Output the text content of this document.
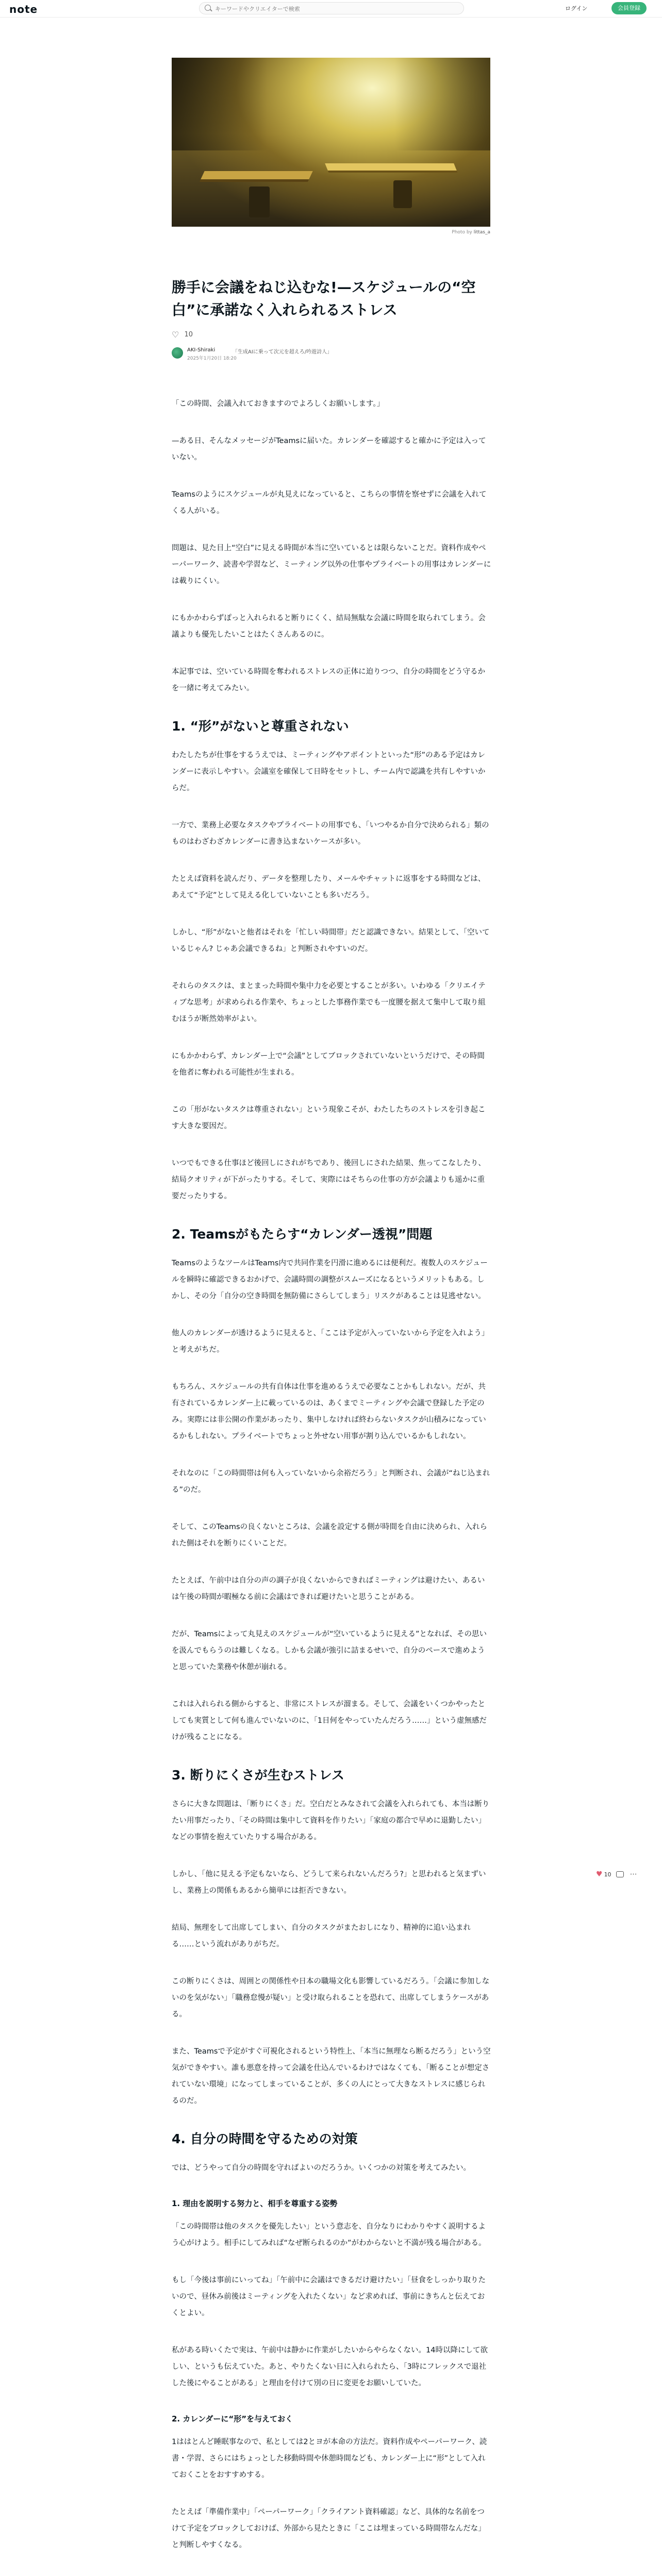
note
キーワードやクリエイターで検索	ログイン	会員登録
Photo by littas_a
勝手に会議をねじ込むな!—スケジュールの“空白”に承諾なく入れられるストレス
♡ 10
AKI-Shiraki	「生成AIに乗って次元を超えろ/吟遊詩人」
2025年1月20日 18:20

「この時間、会議入れておきますのでよろしくお願いします。」

—ある日、そんなメッセージがTeamsに届いた。カレンダーを確認すると確かに予定は入っていない。

Teamsのようにスケジュールが丸見えになっていると、こちらの事情を察せずに会議を入れてくる人がいる。

問題は、見た目上“空白”に見える時間が本当に空いているとは限らないことだ。資料作成やペーパーワーク、読書や学習など、ミーティング以外の仕事やプライベートの用事はカレンダーには載りにくい。

にもかかわらずぽっと入れられると断りにくく、結局無駄な会議に時間を取られてしまう。会議よりも優先したいことはたくさんあるのに。

本記事では、空いている時間を奪われるストレスの正体に迫りつつ、自分の時間をどう守るかを一緒に考えてみたい。

1. “形”がないと尊重されない

わたしたちが仕事をするうえでは、ミーティングやアポイントといった“形”のある予定はカレンダーに表示しやすい。会議室を確保して日時をセットし、チーム内で認識を共有しやすいからだ。

一方で、業務上必要なタスクやプライベートの用事でも、「いつやるか自分で決められる」類のものはわざわざカレンダーに書き込まないケースが多い。

たとえば資料を読んだり、データを整理したり、メールやチャットに返事をする時間などは、あえて“予定”として見える化していないことも多いだろう。

しかし、“形”がないと他者はそれを「忙しい時間帯」だと認識できない。結果として、「空いているじゃん? じゃあ会議できるね」と判断されやすいのだ。

それらのタスクは、まとまった時間や集中力を必要とすることが多い。いわゆる「クリエイティブな思考」が求められる作業や、ちょっとした事務作業でも一度腰を据えて集中して取り組むほうが断然効率がよい。

にもかかわらず、カレンダー上で“会議”としてブロックされていないというだけで、その時間を他者に奪われる可能性が生まれる。

この「形がないタスクは尊重されない」という現象こそが、わたしたちのストレスを引き起こす大きな要因だ。

いつでもできる仕事ほど後回しにされがちであり、後回しにされた結果、焦ってこなしたり、結局クオリティが下がったりする。そして、実際にはそちらの仕事の方が会議よりも遥かに重要だったりする。

2. Teamsがもたらす“カレンダー透視”問題

TeamsのようなツールはTeams内で共同作業を円滑に進めるには便利だ。複数人のスケジュールを瞬時に確認できるおかげで、会議時間の調整がスムーズになるというメリットもある。しかし、その分「自分の空き時間を無防備にさらしてしまう」リスクがあることは見逃せない。

他人のカレンダーが透けるように見えると、「ここは予定が入っていないから予定を入れよう」と考えがちだ。

もちろん、スケジュールの共有自体は仕事を進めるうえで必要なことかもしれない。だが、共有されているカレンダー上に載っているのは、あくまでミーティングや会議で登録した予定のみ。実際には非公開の作業があったり、集中しなければ終わらないタスクが山積みになっているかもしれない。プライベートでちょっと外せない用事が割り込んでいるかもしれない。

それなのに「この時間帯は何も入っていないから余裕だろう」と判断され、会議が“ねじ込まれる”のだ。

そして、このTeamsの良くないところは、会議を設定する側が時間を自由に決められ、入れられた側はそれを断りにくいことだ。

たとえば、午前中は自分の声の調子が良くないからできればミーティングは避けたい、あるいは午後の時間が暇極なる前に会議はできれば避けたいと思うことがある。

だが、Teamsによって丸見えのスケジュールが“空いているように見える”となれば、その思いを汲んでもらうのは難しくなる。しかも会議が強引に詰まるせいで、自分のペースで進めようと思っていた業務や休憩が崩れる。

これは入れられる側からすると、非常にストレスが溜まる。そして、会議をいくつかやったとしても実質として何も進んでいないのに、「1日何をやっていたんだろう……」という虚無感だけが残ることになる。

3. 断りにくさが生むストレス

さらに大きな問題は、「断りにくさ」だ。空白だとみなされて会議を入れられても、本当は断りたい用事だったり、「その時間は集中して資料を作りたい」「家庭の都合で早めに退勤したい」などの事情を抱えていたりする場合がある。

しかし、「他に見える予定もないなら、どうして来られないんだろう?」と思われると気まずいし、業務上の関係もあるから簡単には拒否できない。

結局、無理をして出席してしまい、自分のタスクがまたおしになり、精神的に追い込まれる……という流れがありがちだ。

この断りにくさは、周囲との関係性や日本の職場文化も影響しているだろう。「会議に参加しないのを気がない」「職務怠慢が疑い」と受け取られることを恐れて、出席してしまうケースがある。

また、Teamsで予定がすぐ可視化されるという特性上、「本当に無理なら断るだろう」という空気ができやすい。誰も悪意を持って会議を仕込んでいるわけではなくても、「断ることが想定されていない環境」になってしまっていることが、多くの人にとって大きなストレスに感じられるのだ。

4. 自分の時間を守るための対策

では、どうやって自分の時間を守ればよいのだろうか。いくつかの対策を考えてみたい。

1. 理由を説明する努力と、相手を尊重する姿勢

「この時間帯は他のタスクを優先したい」という意志を、自分なりにわかりやすく説明するよう心がけよう。相手にしてみれば“なぜ断られるのか”がわからないと不満が残る場合がある。

もし「今後は事前にいってね」「午前中に会議はできるだけ避けたい」「昼食をしっかり取りたいので、昼休み前後はミーティングを入れたくない」など求めれば、事前にきちんと伝えておくとよい。

私がある時いくたで実は、午前中は静かに作業がしたいからやらなくない。14時以降にして欲しい、というも伝えていた。あと、やりたくない日に入れられたら、「3時にフレックスで退社した後にやることがある」と理由を付けて別の日に変更をお願いしていた。

2. カレンダーに“形”を与えておく

1ははとんど睡眠事なので、私としては2とヨが本命の方法だ。資料作成やペーパーワーク、読書・学習、さらにはちょっとした移動時間や休憩時間なども、カレンダー上に“形”として入れておくことをおすすめする。

たとえば「準備作業中」「ペーパーワーク」「クライアント資料確認」など、具体的な名前をつけて予定をブロックしておけば、外部から見たときに「ここは埋まっている時間帯なんだな」と判断しやすくなる。

♥ 10	⋯
